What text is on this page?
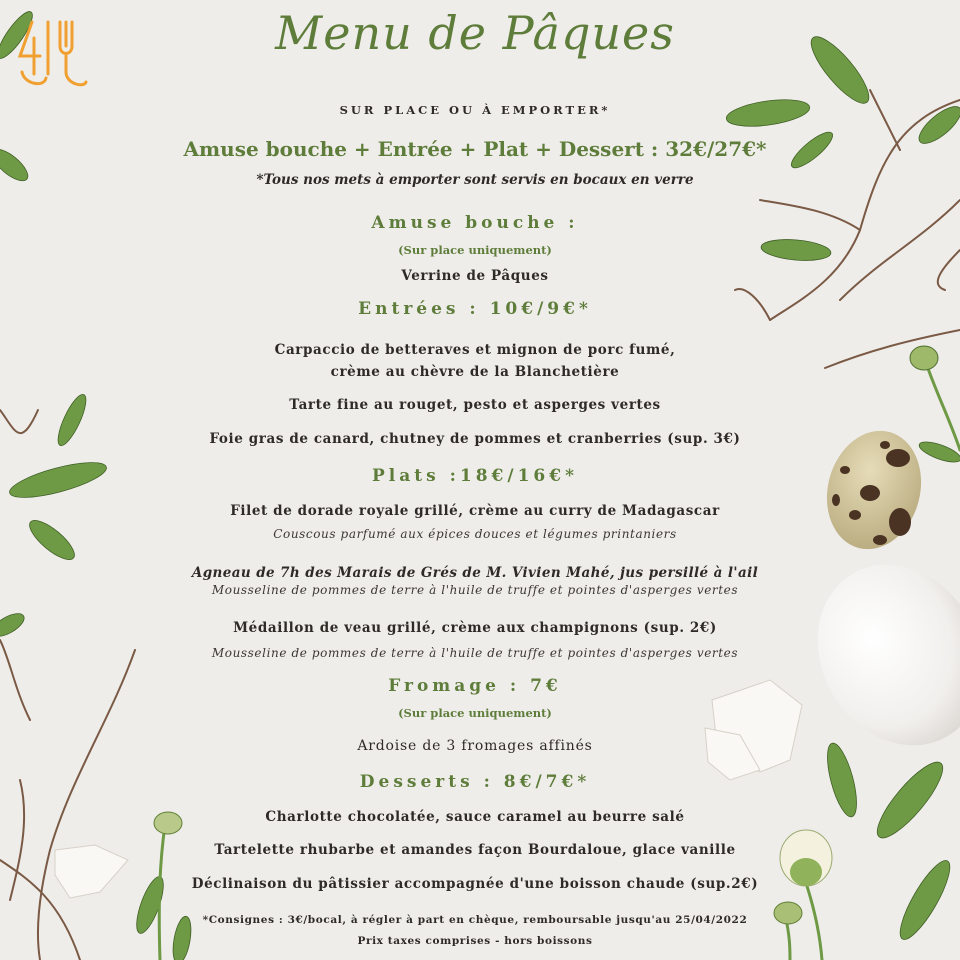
Menu de Pâques
SUR PLACE OU À EMPORTER*
Amuse bouche + Entrée + Plat + Dessert : 32€/27€*
*Tous nos mets à emporter sont servis en bocaux en verre
Amuse bouche :
(Sur place uniquement)
Verrine de Pâques
Entrées : 10€/9€*
Carpaccio de betteraves et mignon de porc fumé,
crème au chèvre de la Blanchetière
Tarte fine au rouget, pesto et asperges vertes
Foie gras de canard, chutney de pommes et cranberries (sup. 3€)
Plats :18€/16€*
Filet de dorade royale grillé, crème au curry de Madagascar
Couscous parfumé aux épices douces et légumes printaniers
Agneau de 7h des Marais de Grés de M. Vivien Mahé, jus persillé à l'ail
Mousseline de pommes de terre à l'huile de truffe et pointes d'asperges vertes
Médaillon de veau grillé, crème aux champignons (sup. 2€)
Mousseline de pommes de terre à l'huile de truffe et pointes d'asperges vertes
Fromage : 7€
(Sur place uniquement)
Ardoise de 3 fromages affinés
Desserts : 8€/7€*
Charlotte chocolatée, sauce caramel au beurre salé
Tartelette rhubarbe et amandes façon Bourdaloue, glace vanille
Déclinaison du pâtissier accompagnée d'une boisson chaude (sup.2€)
*Consignes : 3€/bocal, à régler à part en chèque, remboursable jusqu'au 25/04/2022
Prix taxes comprises - hors boissons
